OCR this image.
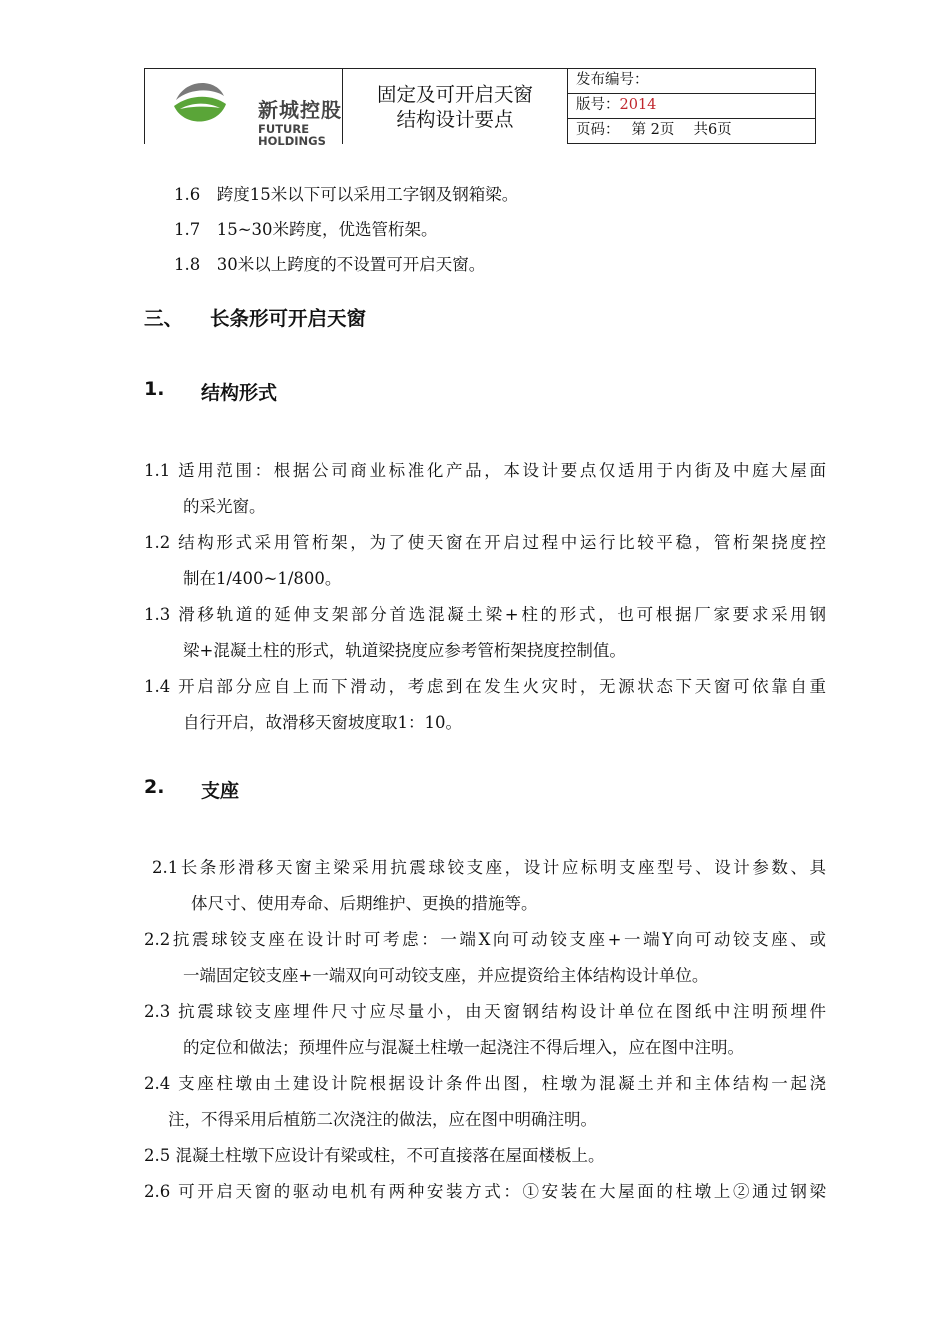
新城控股
FUTURE
HOLDINGS
固定及可开启天窗
结构设计要点
发布编号：
版号：2014
页码： 第 2页　 共6页
1.6　跨度15米以下可以采用工字钢及钢箱梁。
1.7　15~30米跨度，优选管桁架。
1.8　30米以上跨度的不设置可开启天窗。
三、 长条形可开启天窗
1. 结构形式
1.1 适用范围：根据公司商业标准化产品，本设计要点仅适用于内街及中庭大屋面
的采光窗。
1.2 结构形式采用管桁架，为了使天窗在开启过程中运行比较平稳，管桁架挠度控
制在1/400~1/800。
1.3 滑移轨道的延伸支架部分首选混凝土梁+柱的形式，也可根据厂家要求采用钢
梁+混凝土柱的形式，轨道梁挠度应参考管桁架挠度控制值。
1.4 开启部分应自上而下滑动，考虑到在发生火灾时，无源状态下天窗可依靠自重
自行开启，故滑移天窗坡度取1：10。
2. 支座
2.1长条形滑移天窗主梁采用抗震球铰支座，设计应标明支座型号、设计参数、具
体尺寸、使用寿命、后期维护、更换的措施等。
2.2抗震球铰支座在设计时可考虑：一端X向可动铰支座+一端Y向可动铰支座、或
一端固定铰支座+一端双向可动铰支座，并应提资给主体结构设计单位。
2.3 抗震球铰支座埋件尺寸应尽量小，由天窗钢结构设计单位在图纸中注明预埋件
的定位和做法；预埋件应与混凝土柱墩一起浇注不得后埋入，应在图中注明。
2.4 支座柱墩由土建设计院根据设计条件出图，柱墩为混凝土并和主体结构一起浇
注，不得采用后植筋二次浇注的做法，应在图中明确注明。
2.5 混凝土柱墩下应设计有梁或柱，不可直接落在屋面楼板上。
2.6 可开启天窗的驱动电机有两种安装方式：①安装在大屋面的柱墩上②通过钢梁
